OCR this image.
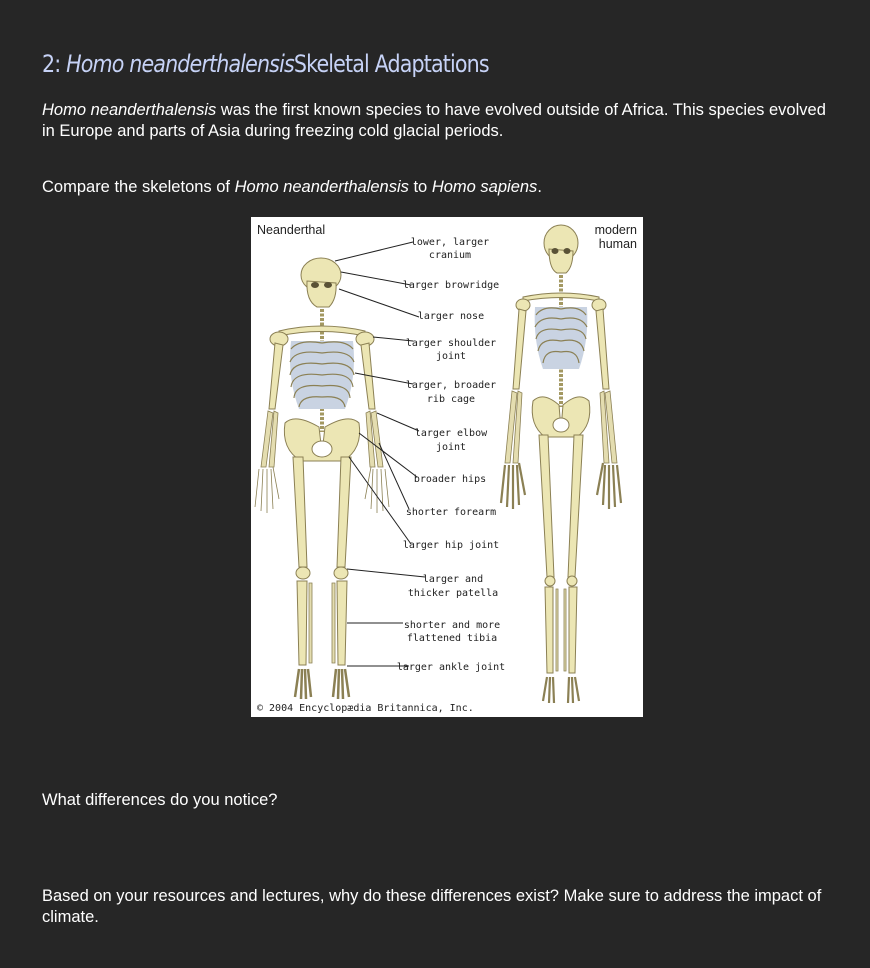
2: Homo neanderthalensisSkeletal Adaptations

Homo neanderthalensis was the first known species to have evolved outside of Africa. This species evolved in Europe and parts of Asia during freezing cold glacial periods.

Compare the skeletons of Homo neanderthalensis to Homo sapiens.

Neanderthal	modern
human
lower, larger
cranium
larger browridge
larger nose
larger shoulder
joint
larger, broader
rib cage
larger elbow
joint
broader hips
shorter forearm
larger hip joint
larger and
thicker patella
shorter and more
flattened tibia
larger ankle joint
© 2004 Encyclopædia Britannica, Inc.

What differences do you notice?

Based on your resources and lectures, why do these differences exist? Make sure to address the impact of climate.
